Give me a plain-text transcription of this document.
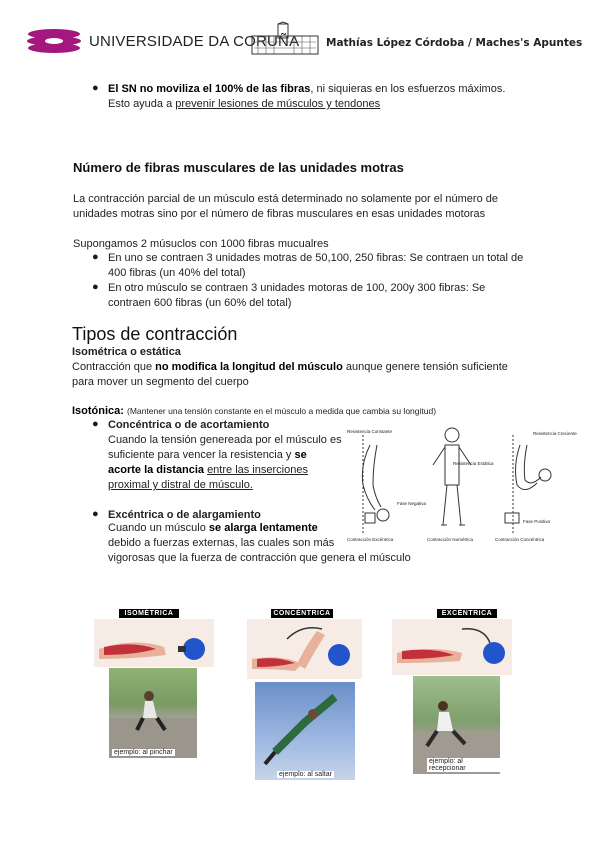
UNIVERSIDADE DA CORUÑA	Mathías López Córdoba / Maches's Apuntes
● El SN no moviliza el 100% de las fibras, ni siquieras en los esfuerzos máximos.
Esto ayuda a prevenir lesiones de músculos y tendones
Número de fibras musculares de las unidades motras
La contracción parcial de un músculo está determinado no solamente por el número de
unidades motras sino por el número de fibras musculares en esas unidades motoras
Supongamos 2 músuclos con 1000 fibras mucualres
● En uno se contraen 3 unidades motras de 50,100, 250 fibras: Se contraen un total de
400 fibras (un 40% del total)
● En otro músculo se contraen 3 unidades motoras de 100, 200y 300 fibras: Se
contraen 600 fibras (un 60% del total)
Tipos de contracción
Isométrica o estática
Contracción que no modifica la longitud del músculo aunque genere tensión suficiente
para mover un segmento del cuerpo
Isotónica: (Mantener una tensión constante en el músculo a medida que cambia su longitud)
● Concéntrica o de acortamiento
Cuando la tensión genereada por el músculo es
suficiente para vencer la resistencia y se
acorte la distancia entre las inserciones
proximal y distral de músculo.
● Excéntrica o de alargamiento
Cuando un músculo se alarga lentamente
debido a fuerzas externas, las cuales son más
vigorosas que la fuerza de contracción que genera el músculo
Resistencia Constante
Resistencia Estática
Resistencia Creciente
Fase Negativa
Fase Positiva
Contracción Excéntrica	Contracción Isométrica	Contracción Concéntrica
ISOMÉTRICA
ejemplo: al pinchar
CONCÉNTRICA
ejemplo: al saltar
EXCÉNTRICA
ejemplo: al recepcionar
